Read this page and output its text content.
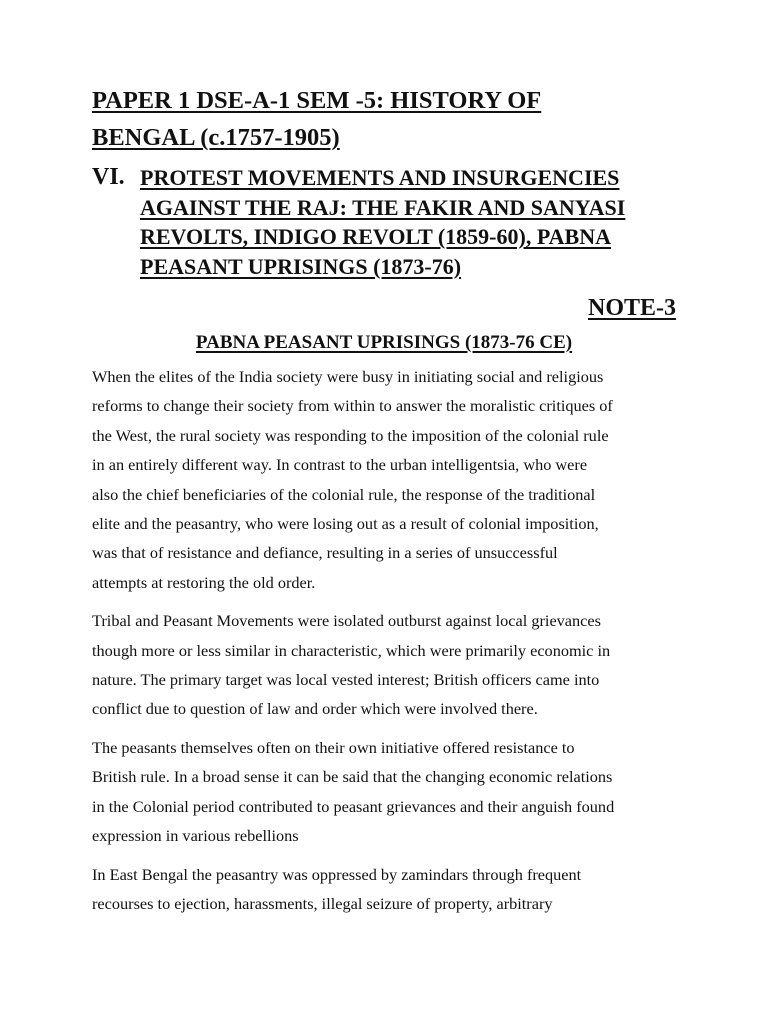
PAPER 1 DSE-A-1 SEM -5: HISTORY OF
BENGAL (c.1757-1905)
VI. PROTEST MOVEMENTS AND INSURGENCIES
AGAINST THE RAJ: THE FAKIR AND SANYASI
REVOLTS, INDIGO REVOLT (1859-60), PABNA
PEASANT UPRISINGS (1873-76)
NOTE-3
PABNA PEASANT UPRISINGS (1873-76 CE)

When the elites of the India society were busy in initiating social and religious
reforms to change their society from within to answer the moralistic critiques of
the West, the rural society was responding to the imposition of the colonial rule
in an entirely different way. In contrast to the urban intelligentsia, who were
also the chief beneficiaries of the colonial rule, the response of the traditional
elite and the peasantry, who were losing out as a result of colonial imposition,
was that of resistance and defiance, resulting in a series of unsuccessful
attempts at restoring the old order.

Tribal and Peasant Movements were isolated outburst against local grievances
though more or less similar in characteristic, which were primarily economic in
nature. The primary target was local vested interest; British officers came into
conflict due to question of law and order which were involved there.

The peasants themselves often on their own initiative offered resistance to
British rule. In a broad sense it can be said that the changing economic relations
in the Colonial period contributed to peasant grievances and their anguish found
expression in various rebellions

In East Bengal the peasantry was oppressed by zamindars through frequent
recourses to ejection, harassments, illegal seizure of property, arbitrary
